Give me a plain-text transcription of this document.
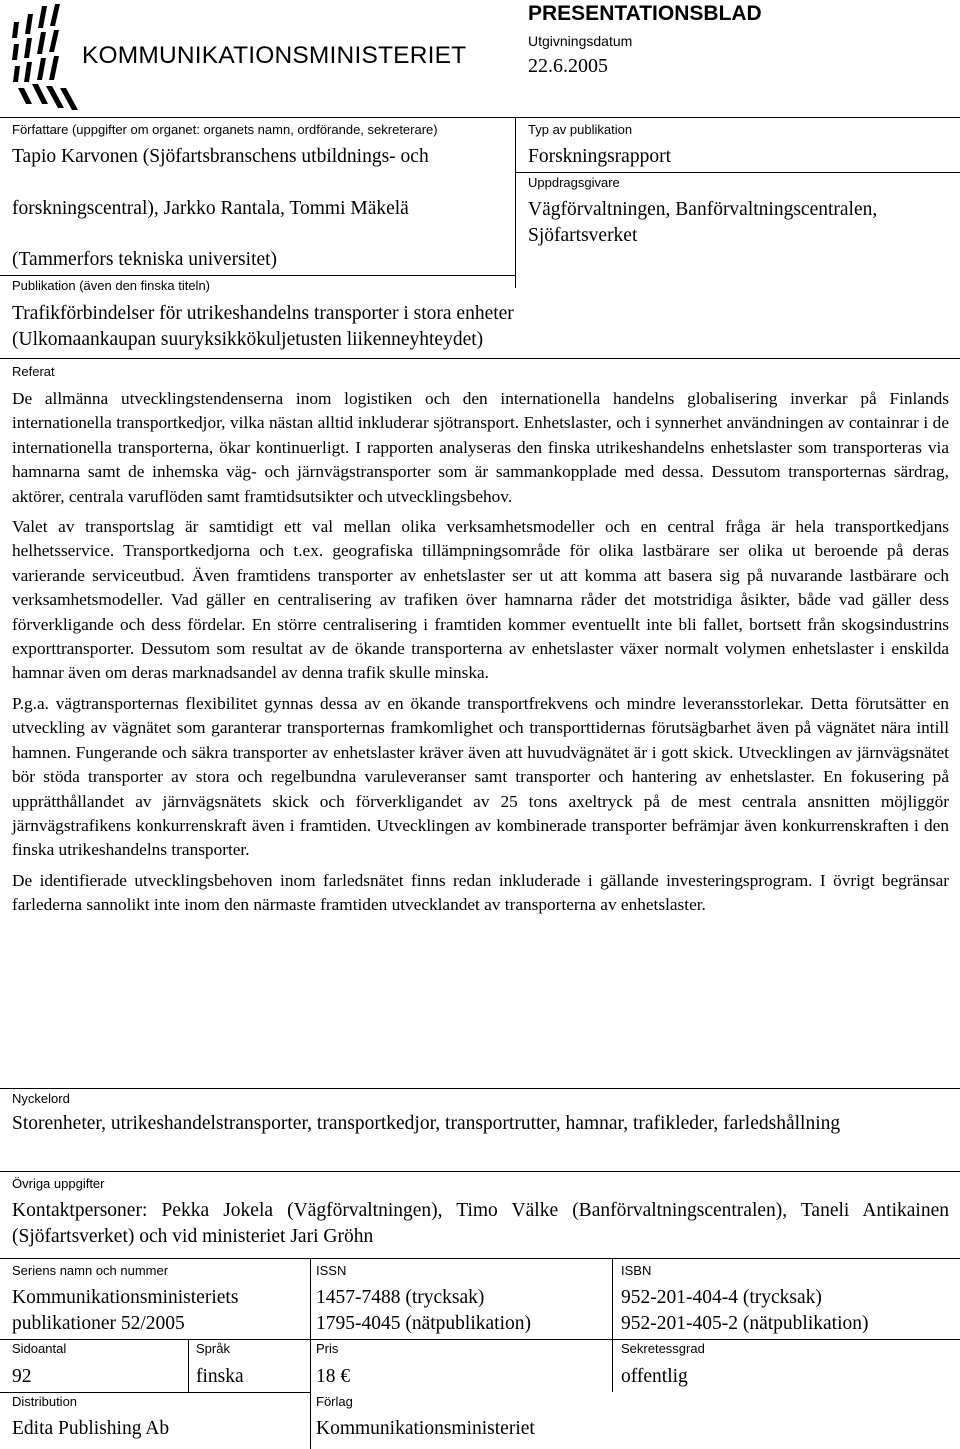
KOMMUNIKATIONSMINISTERIET
PRESENTATIONSBLAD
Utgivningsdatum
22.6.2005
Författare (uppgifter om organet: organets namn, ordförande, sekreterare)
Tapio Karvonen (Sjöfartsbranschens utbildnings- och
forskningscentral), Jarkko Rantala, Tommi Mäkelä
(Tammerfors tekniska universitet)
Typ av publikation
Forskningsrapport
Uppdragsgivare
Vägförvaltningen, Banförvaltningscentralen,
Sjöfartsverket
Publikation (även den finska titeln)
Trafikförbindelser för utrikeshandelns transporter i stora enheter
(Ulkomaankaupan suuryksikkökuljetusten liikenneyhteydet)
Referat

De allmänna utvecklingstendenserna inom logistiken och den internationella handelns globalisering inverkar på Finlands internationella transportkedjor, vilka nästan alltid inkluderar sjötransport. Enhetslaster, och i synnerhet användningen av containrar i de internationella transporterna, ökar kontinuerligt. I rapporten analyseras den finska utrikeshandelns enhetslaster som transporteras via hamnarna samt de inhemska väg- och järnvägstransporter som är sammankopplade med dessa. Dessutom transporternas särdrag, aktörer, centrala varuflöden samt framtidsutsikter och utvecklingsbehov.

Valet av transportslag är samtidigt ett val mellan olika verksamhetsmodeller och en central fråga är hela transportkedjans helhetsservice. Transportkedjorna och t.ex. geografiska tillämpningsområde för olika lastbärare ser olika ut beroende på deras varierande serviceutbud. Även framtidens transporter av enhetslaster ser ut att komma att basera sig på nuvarande lastbärare och verksamhetsmodeller. Vad gäller en centralisering av trafiken över hamnarna råder det motstridiga åsikter, både vad gäller dess förverkligande och dess fördelar. En större centralisering i framtiden kommer eventuellt inte bli fallet, bortsett från skogsindustrins exporttransporter. Dessutom som resultat av de ökande transporterna av enhetslaster växer normalt volymen enhetslaster i enskilda hamnar även om deras marknadsandel av denna trafik skulle minska.

P.g.a. vägtransporternas flexibilitet gynnas dessa av en ökande transportfrekvens och mindre leveransstorlekar. Detta förutsätter en utveckling av vägnätet som garanterar transporternas framkomlighet och transporttidernas förutsägbarhet även på vägnätet nära intill hamnen. Fungerande och säkra transporter av enhetslaster kräver även att huvudvägnätet är i gott skick. Utvecklingen av järnvägsnätet bör stöda transporter av stora och regelbundna varuleveranser samt transporter och hantering av enhetslaster. En fokusering på upprätthållandet av järnvägsnätets skick och förverkligandet av 25 tons axeltryck på de mest centrala ansnitten möjliggör järnvägstrafikens konkurrenskraft även i framtiden. Utvecklingen av kombinerade transporter befrämjar även konkurrenskraften i den finska utrikeshandelns transporter.

De identifierade utvecklingsbehoven inom farledsnätet finns redan inkluderade i gällande investeringsprogram. I övrigt begränsar farlederna sannolikt inte inom den närmaste framtiden utvecklandet av transporterna av enhetslaster.

Nyckelord

Storenheter, utrikeshandelstransporter, transportkedjor, transportrutter, hamnar, trafikleder, farledshållning

Övriga uppgifter

Kontaktpersoner: Pekka Jokela (Vägförvaltningen), Timo Välke (Banförvaltningscentralen), Taneli Antikainen (Sjöfartsverket) och vid ministeriet Jari Gröhn

Seriens namn och nummer
Kommunikationsministeriets
publikationer 52/2005
ISSN
1457-7488 (trycksak)
1795-4045 (nätpublikation)
ISBN
952-201-404-4 (trycksak)
952-201-405-2 (nätpublikation)
Sidoantal
92
Språk
finska
Pris
18 €
Sekretessgrad
offentlig
Distribution
Edita Publishing Ab
Förlag
Kommunikationsministeriet
